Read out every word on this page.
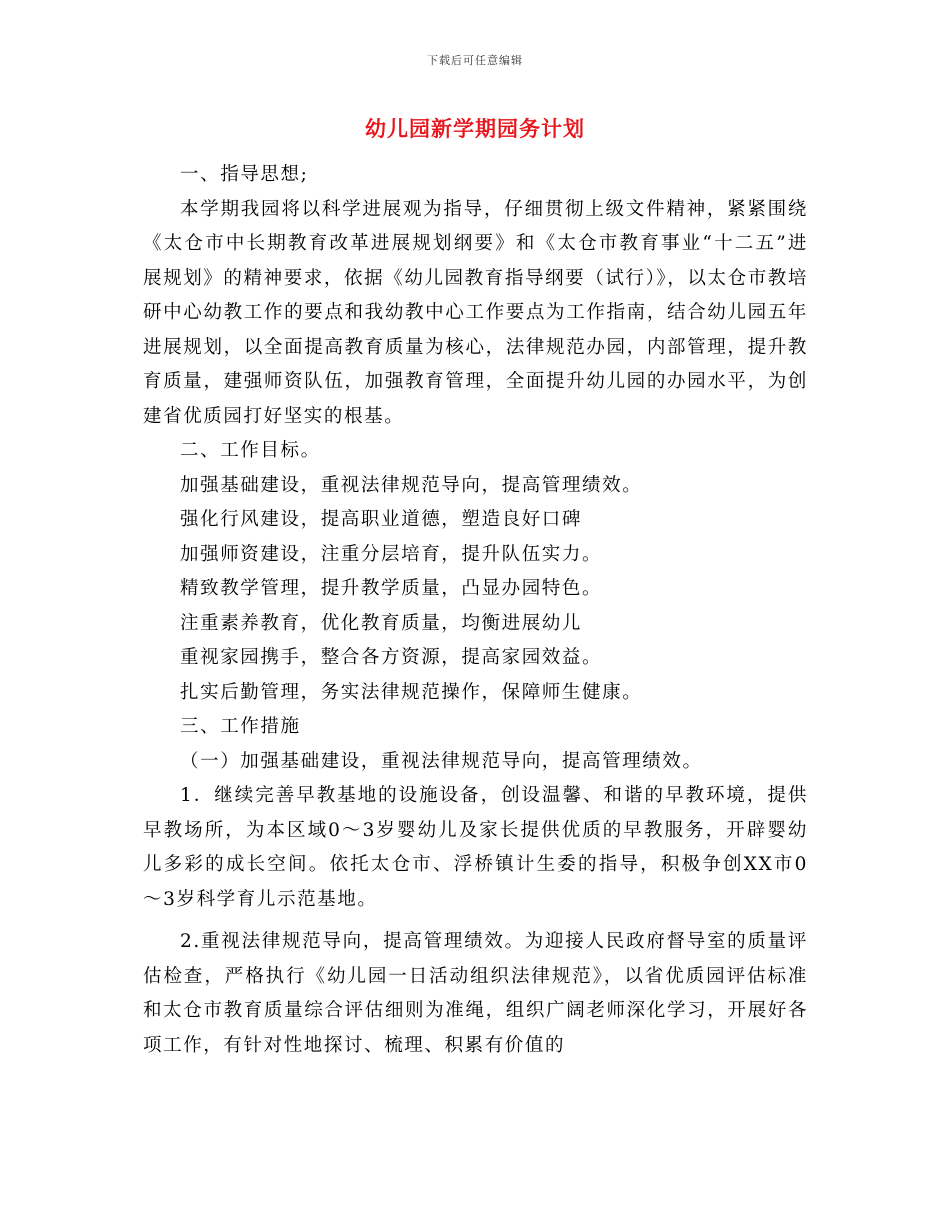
下载后可任意编辑
幼儿园新学期园务计划

一、指导思想;

本学期我园将以科学进展观为指导，仔细贯彻上级文件精神，紧紧围绕《太仓市中长期教育改革进展规划纲要》和《太仓市教育事业“十二五”进展规划》的精神要求，依据《幼儿园教育指导纲要（试行）》，以太仓市教培研中心幼教工作的要点和我幼教中心工作要点为工作指南，结合幼儿园五年进展规划，以全面提高教育质量为核心，法律规范办园，内部管理，提升教育质量，建强师资队伍，加强教育管理，全面提升幼儿园的办园水平，为创建省优质园打好坚实的根基。

二、工作目标。

加强基础建设，重视法律规范导向，提高管理绩效。

强化行风建设，提高职业道德，塑造良好口碑

加强师资建设，注重分层培育，提升队伍实力。

精致教学管理，提升教学质量，凸显办园特色。

注重素养教育，优化教育质量，均衡进展幼儿

重视家园携手，整合各方资源，提高家园效益。

扎实后勤管理，务实法律规范操作，保障师生健康。

三、工作措施

（一）加强基础建设，重视法律规范导向，提高管理绩效。

1．继续完善早教基地的设施设备，创设温馨、和谐的早教环境，提供早教场所，为本区域0～3岁婴幼儿及家长提供优质的早教服务，开辟婴幼儿多彩的成长空间。依托太仓市、浮桥镇计生委的指导，积极争创XX市0～3岁科学育儿示范基地。

2.重视法律规范导向，提高管理绩效。为迎接人民政府督导室的质量评估检查，严格执行《幼儿园一日活动组织法律规范》，以省优质园评估标准和太仓市教育质量综合评估细则为准绳，组织广阔老师深化学习，开展好各项工作，有针对性地探讨、梳理、积累有价值的
